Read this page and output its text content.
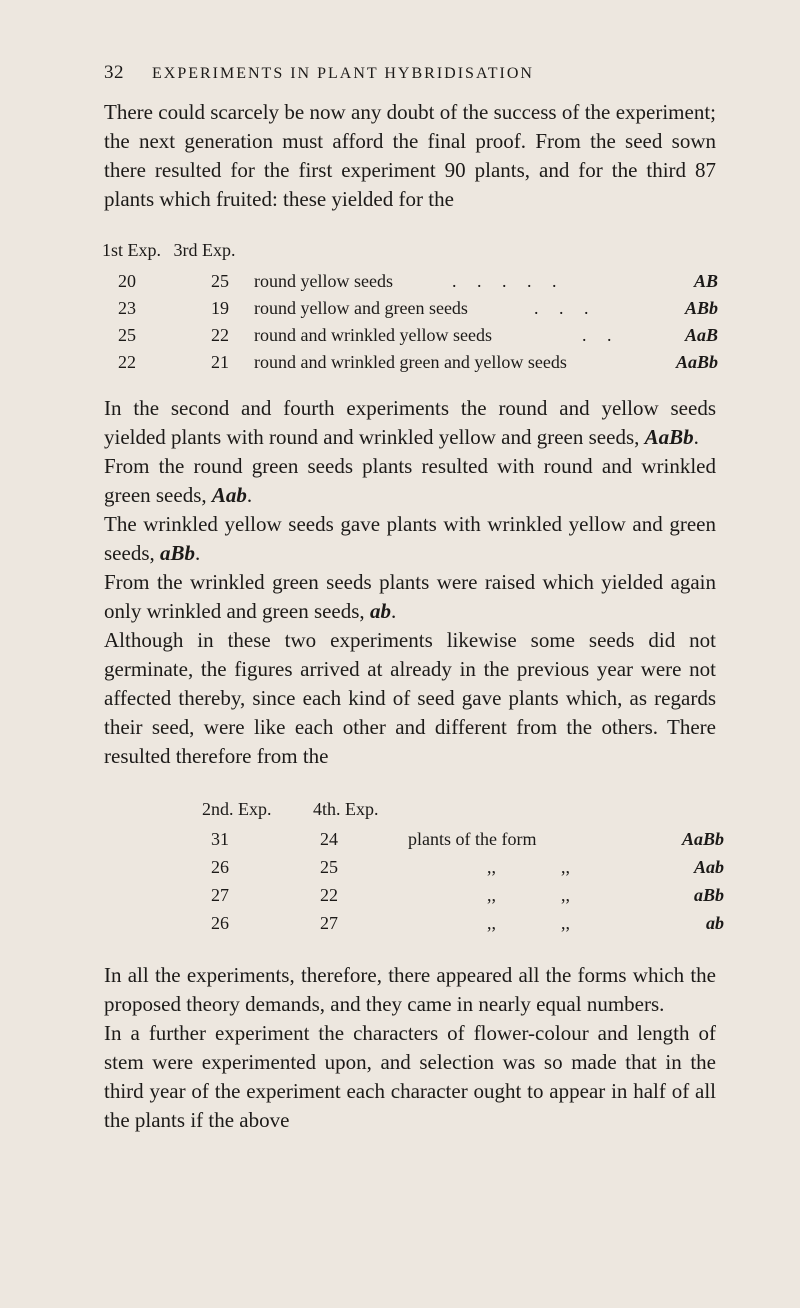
32	EXPERIMENTS IN PLANT HYBRIDISATION

There could scarcely be now any doubt of the success of the experiment; the next generation must afford the final proof. From the seed sown there resulted for the first experiment 90 plants, and for the third 87 plants which fruited: these yielded for the

1st Exp. 3rd Exp.
20	25	round yellow seeds	. . . . .	AB
23	19	round yellow and green seeds	. . .	ABb
25	22	round and wrinkled yellow seeds	. .	AaB
22	21	round and wrinkled green and yellow seeds	AaBb

In the second and fourth experiments the round and yellow seeds yielded plants with round and wrinkled yellow and green seeds, AaBb.

From the round green seeds plants resulted with round and wrinkled green seeds, Aab.

The wrinkled yellow seeds gave plants with wrinkled yellow and green seeds, aBb.

From the wrinkled green seeds plants were raised which yielded again only wrinkled and green seeds, ab.

Although in these two experiments likewise some seeds did not germinate, the figures arrived at already in the previous year were not affected thereby, since each kind of seed gave plants which, as regards their seed, were like each other and different from the others. There resulted therefore from the

2nd. Exp. 4th. Exp.
31	24	plants of the form	AaBb
26	25	,,	,,	Aab
27	22	,,	,,	aBb
26	27	,,	,,	ab

In all the experiments, therefore, there appeared all the forms which the proposed theory demands, and they came in nearly equal numbers.

In a further experiment the characters of flower-colour and length of stem were experimented upon, and selection was so made that in the third year of the experiment each character ought to appear in half of all the plants if the above
